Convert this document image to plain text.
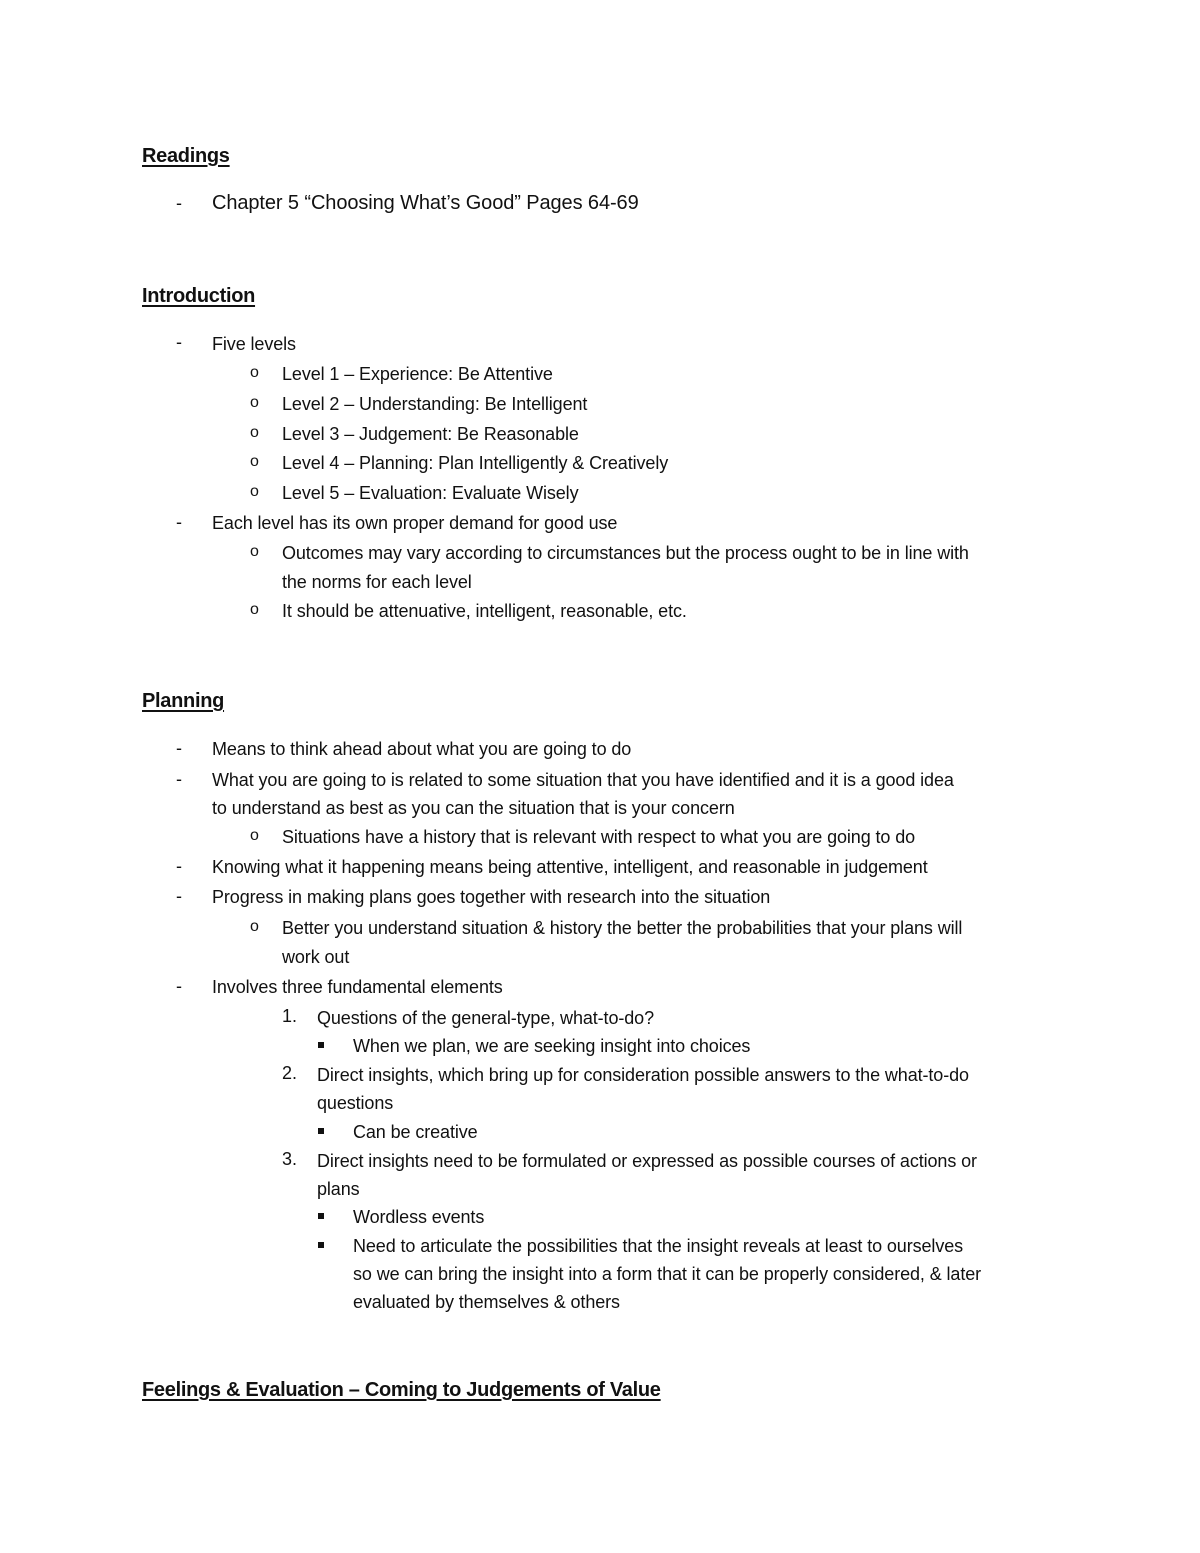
Readings
- Chapter 5 “Choosing What’s Good” Pages 64-69
Introduction
- Five levels
o Level 1 – Experience: Be Attentive
o Level 2 – Understanding: Be Intelligent
o Level 3 – Judgement: Be Reasonable
o Level 4 – Planning: Plan Intelligently & Creatively
o Level 5 – Evaluation: Evaluate Wisely
- Each level has its own proper demand for good use
o Outcomes may vary according to circumstances but the process ought to be in line with
the norms for each level
o It should be attenuative, intelligent, reasonable, etc.
Planning
- Means to think ahead about what you are going to do
- What you are going to is related to some situation that you have identified and it is a good idea
to understand as best as you can the situation that is your concern
o Situations have a history that is relevant with respect to what you are going to do
- Knowing what it happening means being attentive, intelligent, and reasonable in judgement
- Progress in making plans goes together with research into the situation
o Better you understand situation & history the better the probabilities that your plans will
work out
- Involves three fundamental elements
1. Questions of the general-type, what-to-do?
When we plan, we are seeking insight into choices
2. Direct insights, which bring up for consideration possible answers to the what-to-do
questions
Can be creative
3. Direct insights need to be formulated or expressed as possible courses of actions or
plans
Wordless events
Need to articulate the possibilities that the insight reveals at least to ourselves
so we can bring the insight into a form that it can be properly considered, & later
evaluated by themselves & others
Feelings & Evaluation – Coming to Judgements of Value
